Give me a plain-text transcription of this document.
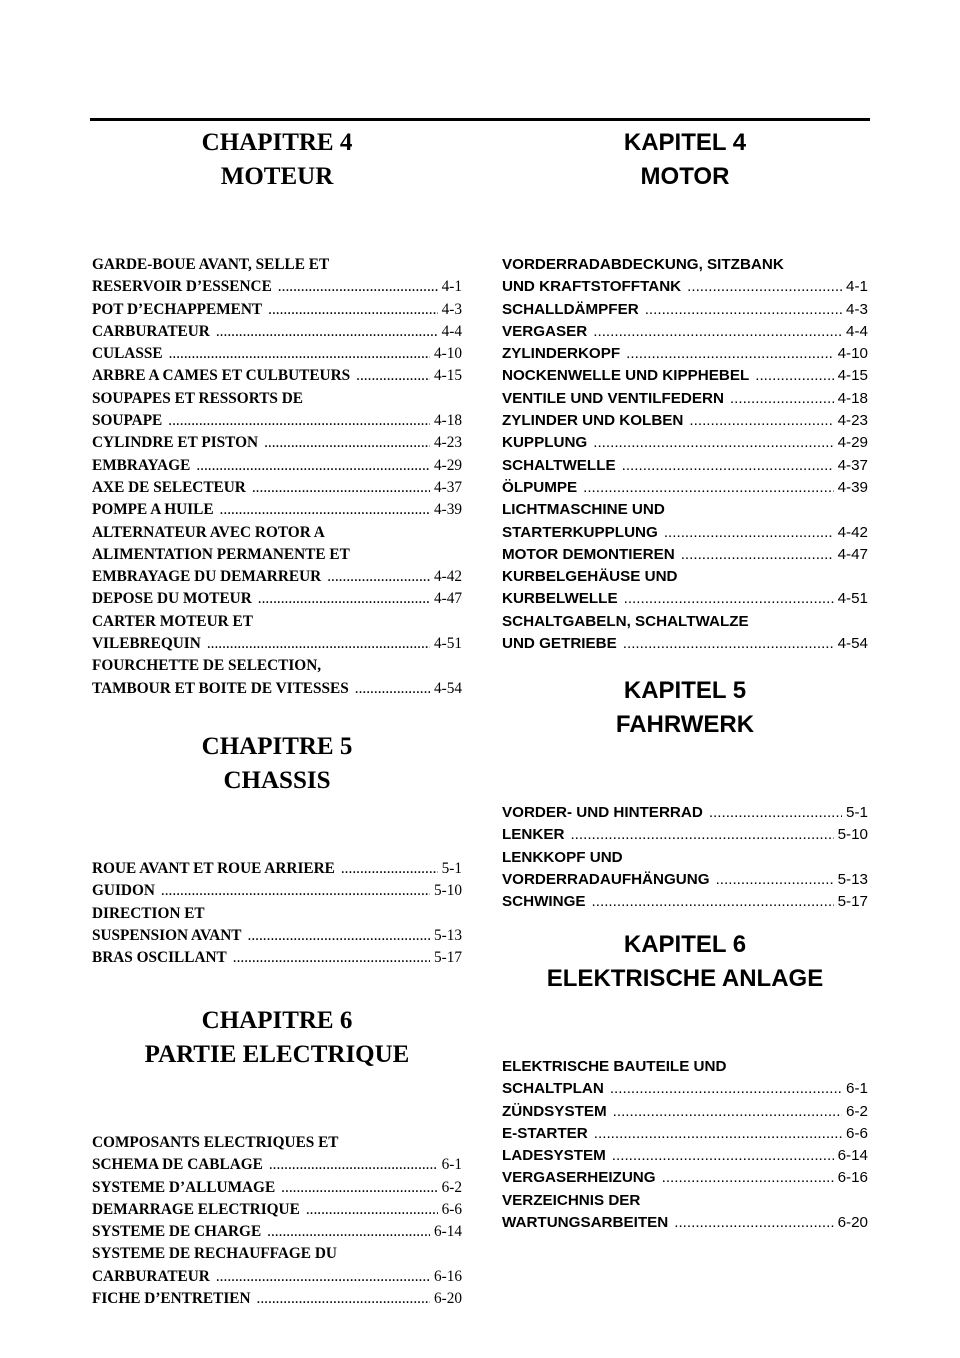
CHAPITRE 4
MOTEUR
GARDE-BOUE AVANT, SELLE ET
RESERVOIR D’ESSENCE .....	4-1
POT D’ECHAPPEMENT .....	4-3
CARBURATEUR .....	4-4
CULASSE .....	4-10
ARBRE A CAMES ET CULBUTEURS .....	4-15
SOUPAPES ET RESSORTS DE
SOUPAPE .....	4-18
CYLINDRE ET PISTON .....	4-23
EMBRAYAGE .....	4-29
AXE DE SELECTEUR .....	4-37
POMPE A HUILE .....	4-39
ALTERNATEUR AVEC ROTOR A
ALIMENTATION PERMANENTE ET
EMBRAYAGE DU DEMARREUR .....	4-42
DEPOSE DU MOTEUR .....	4-47
CARTER MOTEUR ET
VILEBREQUIN .....	4-51
FOURCHETTE DE SELECTION,
TAMBOUR ET BOITE DE VITESSES .....	4-54
CHAPITRE 5
CHASSIS
ROUE AVANT ET ROUE ARRIERE .....	5-1
GUIDON .....	5-10
DIRECTION ET
SUSPENSION AVANT .....	5-13
BRAS OSCILLANT .....	5-17
CHAPITRE 6
PARTIE ELECTRIQUE
COMPOSANTS ELECTRIQUES ET
SCHEMA DE CABLAGE .....	6-1
SYSTEME D’ALLUMAGE .....	6-2
DEMARRAGE ELECTRIQUE .....	6-6
SYSTEME DE CHARGE .....	6-14
SYSTEME DE RECHAUFFAGE DU
CARBURATEUR .....	6-16
FICHE D’ENTRETIEN .....	6-20
KAPITEL 4
MOTOR
VORDERRADABDECKUNG, SITZBANK
UND KRAFTSTOFFTANK .....	4-1
SCHALLDÄMPFER .....	4-3
VERGASER .....	4-4
ZYLINDERKOPF .....	4-10
NOCKENWELLE UND KIPPHEBEL .....	4-15
VENTILE UND VENTILFEDERN .....	4-18
ZYLINDER UND KOLBEN .....	4-23
KUPPLUNG .....	4-29
SCHALTWELLE .....	4-37
ÖLPUMPE .....	4-39
LICHTMASCHINE UND
STARTERKUPPLUNG .....	4-42
MOTOR DEMONTIEREN .....	4-47
KURBELGEHÄUSE UND
KURBELWELLE .....	4-51
SCHALTGABELN, SCHALTWALZE
UND GETRIEBE .....	4-54
KAPITEL 5
FAHRWERK
VORDER- UND HINTERRAD .....	5-1
LENKER .....	5-10
LENKKOPF UND
VORDERRADAUFHÄNGUNG .....	5-13
SCHWINGE .....	5-17
KAPITEL 6
ELEKTRISCHE ANLAGE
ELEKTRISCHE BAUTEILE UND
SCHALTPLAN .....	6-1
ZÜNDSYSTEM .....	6-2
E-STARTER .....	6-6
LADESYSTEM .....	6-14
VERGASERHEIZUNG .....	6-16
VERZEICHNIS DER
WARTUNGSARBEITEN .....	6-20
